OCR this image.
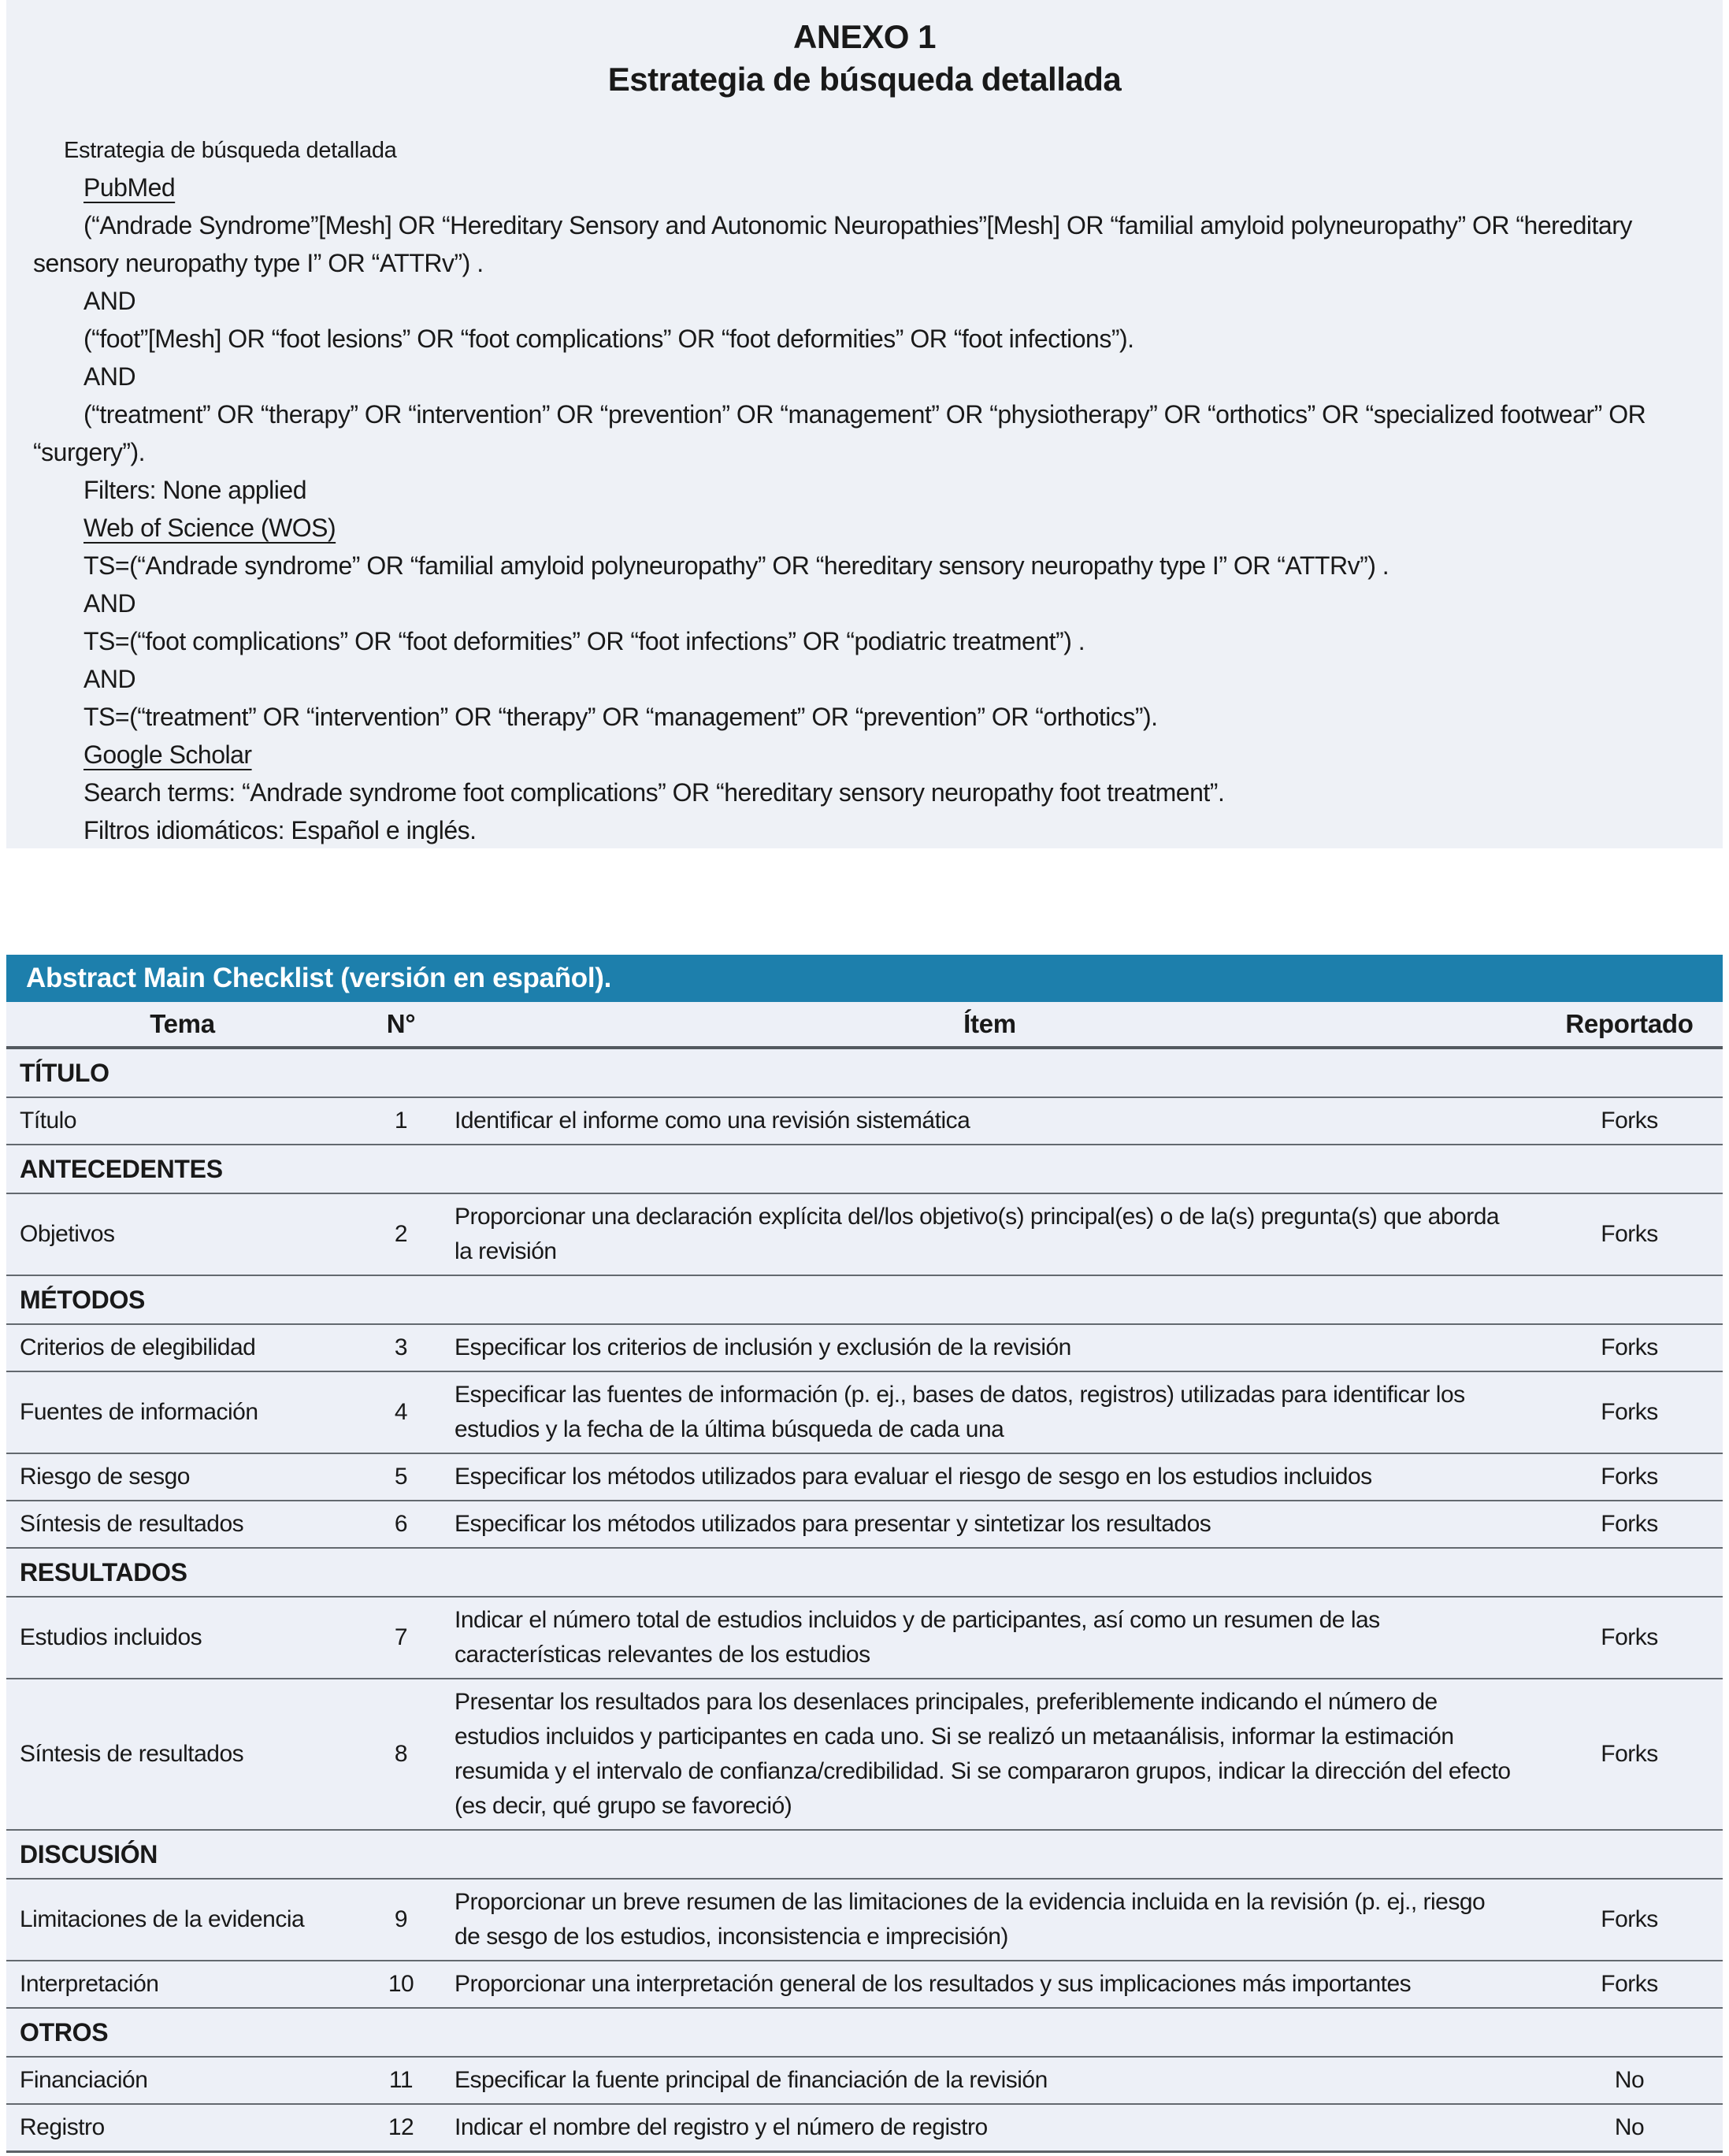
ANEXO 1
Estrategia de búsqueda detallada

Estrategia de búsqueda detallada

PubMed

(“Andrade Syndrome”[Mesh] OR “Hereditary Sensory and Autonomic Neuropathies”[Mesh] OR “familial amyloid polyneuropathy” OR “hereditary sensory neuropathy type I” OR “ATTRv”) .

AND

(“foot”[Mesh] OR “foot lesions” OR “foot complications” OR “foot deformities” OR “foot infections”).

AND

(“treatment” OR “therapy” OR “intervention” OR “prevention” OR “management” OR “physiotherapy” OR “orthotics” OR “specialized footwear” OR “surgery”).

Filters: None applied

Web of Science (WOS)

TS=(“Andrade syndrome” OR “familial amyloid polyneuropathy” OR “hereditary sensory neuropathy type I” OR “ATTRv”) .

AND

TS=(“foot complications” OR “foot deformities” OR “foot infections” OR “podiatric treatment”) .

AND

TS=(“treatment” OR “intervention” OR “therapy” OR “management” OR “prevention” OR “orthotics”).

Google Scholar

Search terms: “Andrade syndrome foot complications” OR “hereditary sensory neuropathy foot treatment”.

Filtros idiomáticos: Español e inglés.

Abstract Main Checklist (versión en español).
Tema	N°	Ítem	Reportado
TÍTULO			
Título	1	Identificar el informe como una revisión sistemática	Forks
ANTECEDENTES			
Objetivos	2	Proporcionar una declaración explícita del/los objetivo(s) principal(es) o de la(s) pregunta(s) que aborda la revisión	Forks
MÉTODOS			
Criterios de elegibilidad	3	Especificar los criterios de inclusión y exclusión de la revisión	Forks
Fuentes de información	4	Especificar las fuentes de información (p. ej., bases de datos, registros) utilizadas para identificar los estudios y la fecha de la última búsqueda de cada una	Forks
Riesgo de sesgo	5	Especificar los métodos utilizados para evaluar el riesgo de sesgo en los estudios incluidos	Forks
Síntesis de resultados	6	Especificar los métodos utilizados para presentar y sintetizar los resultados	Forks
RESULTADOS			
Estudios incluidos	7	Indicar el número total de estudios incluidos y de participantes, así como un resumen de las características relevantes de los estudios	Forks
Síntesis de resultados	8	Presentar los resultados para los desenlaces principales, preferiblemente indicando el número de estudios incluidos y participantes en cada uno. Si se realizó un metaanálisis, informar la estimación resumida y el intervalo de confianza/credibilidad. Si se compararon grupos, indicar la dirección del efecto (es decir, qué grupo se favoreció)	Forks
DISCUSIÓN			
Limitaciones de la evidencia	9	Proporcionar un breve resumen de las limitaciones de la evidencia incluida en la revisión (p. ej., riesgo de sesgo de los estudios, inconsistencia e imprecisión)	Forks
Interpretación	10	Proporcionar una interpretación general de los resultados y sus implicaciones más importantes	Forks
OTROS			
Financiación	11	Especificar la fuente principal de financiación de la revisión	No
Registro	12	Indicar el nombre del registro y el número de registro	No
